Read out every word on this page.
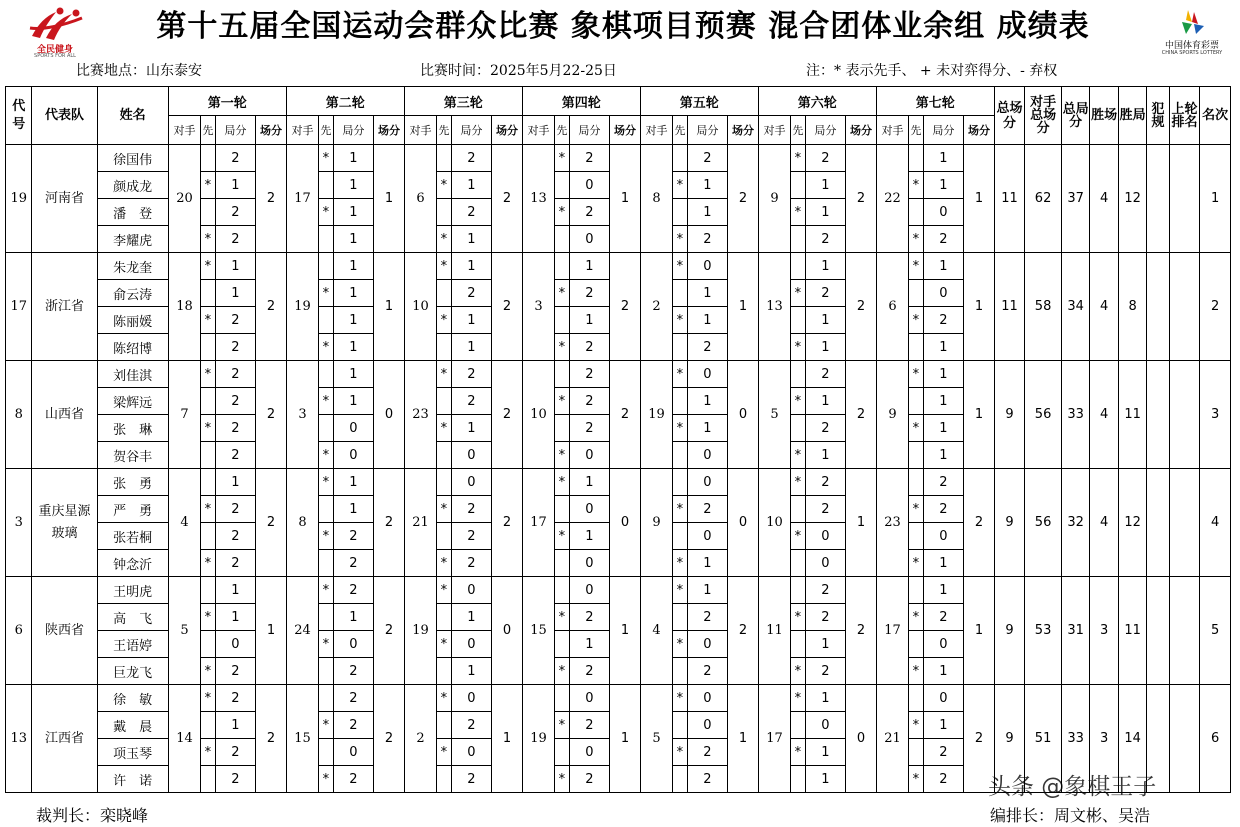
全民健身
SPORTS FOR ALL
第十五届全国运动会群众比赛 象棋项目预赛 混合团体业余组 成绩表
中国体育彩票
CHINA SPORTS LOTTERY
比赛地点：山东泰安	比赛时间：2025年5月22-25日	注：* 表示先手、 + 未对弈得分、- 弃权
代号	代表队	姓名	第一轮				第二轮				第三轮				第四轮				第五轮				第六轮				第七轮				总场分	对手总场分	总局分	胜场	胜局	犯规	上轮排名	名次
			对手	先	局分	场分	对手	先	局分	场分	对手	先	局分	场分	对手	先	局分	场分	对手	先	局分	场分	对手	先	局分	场分	对手	先	局分	场分								
19	河南省	徐国伟	20		2	2	17	*	1	1	6		2	2	13	*	2	1	8		2	2	9	*	2	2	22		1	1	11	62	37	4	12			1
		颜成龙		*	1				1			*	1				0			*	1				1			*	1									
		潘　登			2			*	1				2			*	2				1			*	1				0									
		李耀虎		*	2				1			*	1				0			*	2				2			*	2									
17	浙江省	朱龙奎	18	*	1	2	19		1	1	10	*	1	2	3		1	2	2	*	0	1	13		1	2	6	*	1	1	11	58	34	4	8			2
		俞云涛			1			*	1				2			*	2				1			*	2				0									
		陈丽媛		*	2				1			*	1				1			*	1				1			*	2									
		陈绍博			2			*	1				1			*	2				2			*	1				1									
8	山西省	刘佳淇	7	*	2	2	3		1	0	23	*	2	2	10		2	2	19	*	0	0	5		2	2	9	*	1	1	9	56	33	4	11			3
		梁辉远			2			*	1				2			*	2				1			*	1				1									
		张　琳		*	2				0			*	1				2			*	1				2			*	1									
		贺谷丰			2			*	0				0			*	0				0			*	1				1									
3	重庆星源玻璃	张　勇	4		1	2	8	*	1	2	21		0	2	17	*	1	0	9		0	0	10	*	2	1	23		2	2	9	56	32	4	12			4
		严　勇		*	2				1			*	2				0			*	2				2			*	2									
		张若桐			2			*	2				2			*	1				0			*	0				0									
		钟念沂		*	2				2			*	2				0			*	1				0			*	1									
6	陕西省	王明虎	5		1	1	24	*	2	2	19	*	0	0	15		0	1	4	*	1	2	11		2	2	17		1	1	9	53	31	3	11			5
		高　飞		*	1				1				1			*	2				2			*	2			*	2									
		王语婷			0			*	0			*	0				1			*	0				1				0									
		巨龙飞		*	2				2				1			*	2				2			*	2			*	1									
13	江西省	徐　敏	14	*	2	2	15		2	2	2	*	0	1	19		0	1	5	*	0	1	17	*	1	0	21		0	2	9	51	33	3	14			6
		戴　晨			1			*	2				2			*	2				0				0			*	1									
		项玉琴		*	2				0			*	0				0			*	2			*	1				2									
		许　诺			2			*	2				2			*	2				2				1			*	2									
裁判长：栾晓峰	编排长：周文彬、吴浩
头条 @象棋王子
